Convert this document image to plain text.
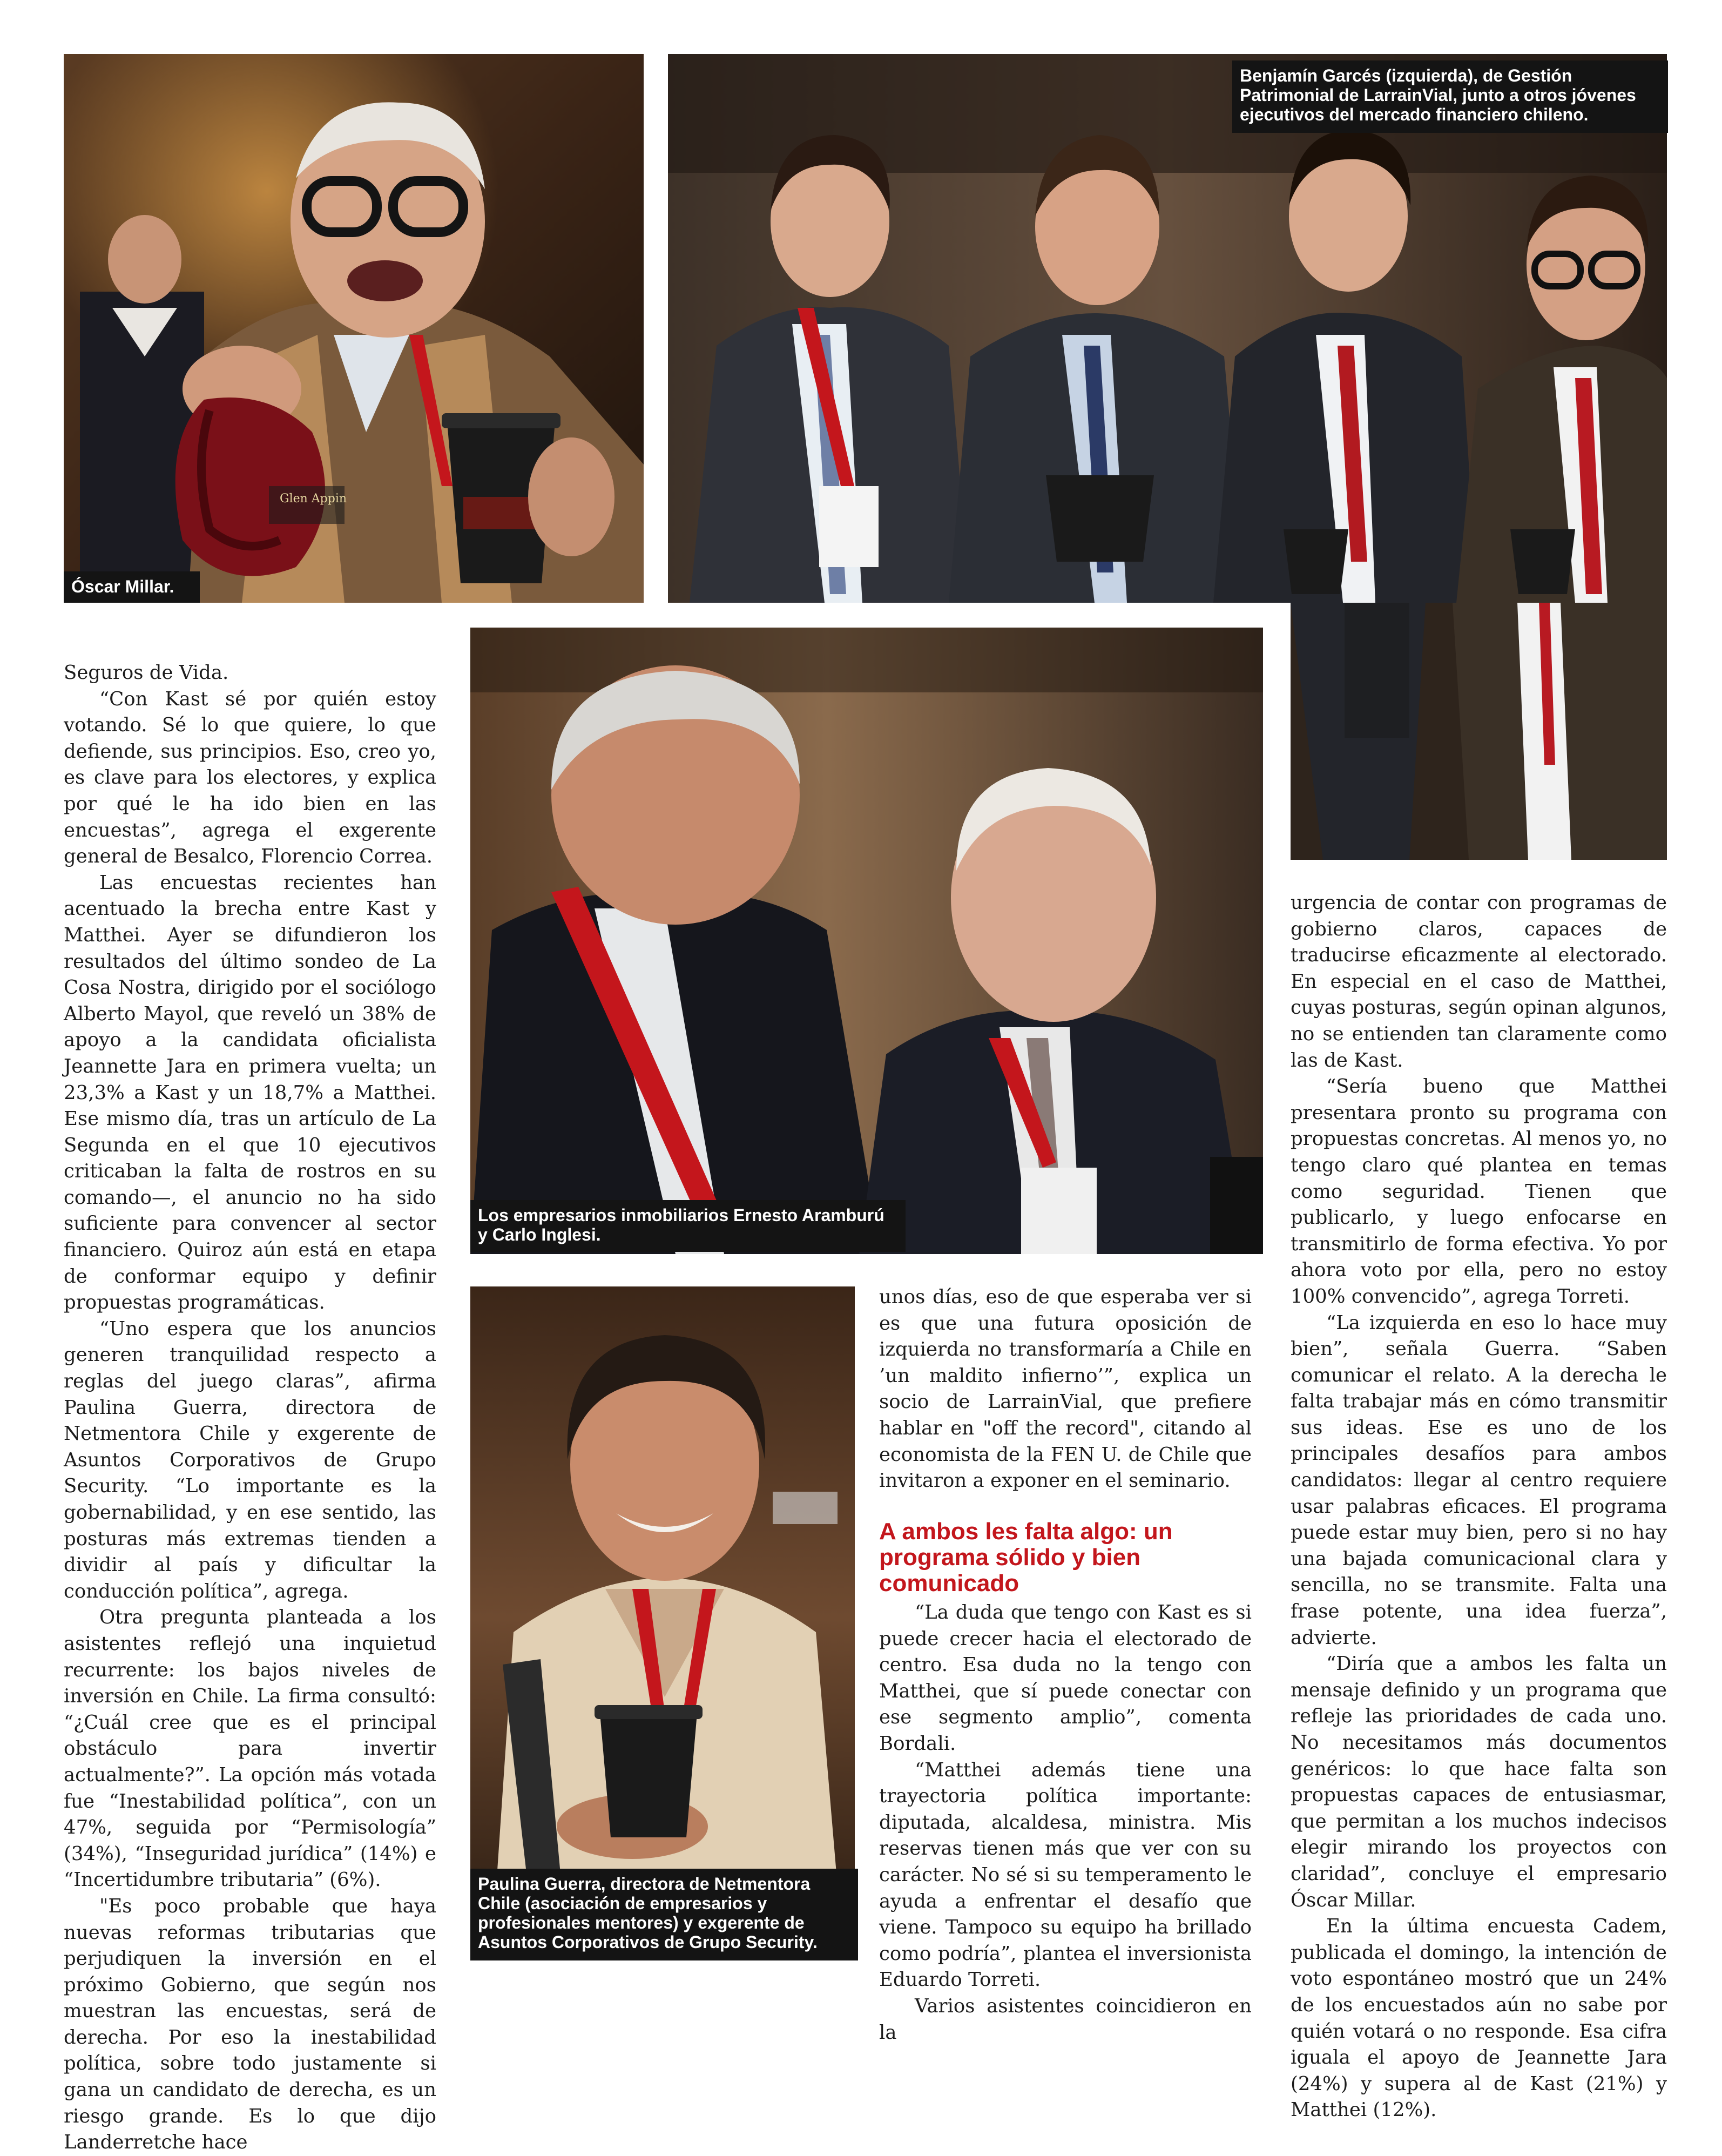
Glen Appin
Óscar Millar.
Benjamín Garcés (izquierda), de Gestión Patrimonial de LarrainVial, junto a otros jóvenes ejecutivos del mercado financiero chileno.
Los empresarios inmobiliarios Ernesto Aramburú y Carlo Inglesi.
Paulina Guerra, directora de Netmentora Chile (asociación de empresarios y profesionales mentores) y exgerente de Asuntos Corporativos de Grupo Security.

Seguros de Vida.

“Con Kast sé por quién estoy votando. Sé lo que quiere, lo que defiende, sus principios. Eso, creo yo, es clave para los electores, y explica por qué le ha ido bien en las encuestas”, agrega el exgerente general de Besalco, Florencio Correa.

Las encuestas recientes han acentuado la brecha entre Kast y Matthei. Ayer se difundieron los resultados del último sondeo de La Cosa Nostra, dirigido por el sociólogo Alberto Mayol, que reveló un 38% de apoyo a la candidata oficialista Jeannette Jara en primera vuelta; un 23,3% a Kast y un 18,7% a Matthei. Ese mismo día, tras un artículo de La Segunda en el que 10 ejecutivos criticaban la falta de rostros en su comando—, el anuncio no ha sido suficiente para convencer al sector financiero. Quiroz aún está en etapa de conformar equipo y definir propuestas programáticas.

“Uno espera que los anuncios generen tranquilidad respecto a reglas del juego claras”, afirma Paulina Guerra, directora de Netmentora Chile y exgerente de Asuntos Corporativos de Grupo Security. “Lo importante es la gobernabilidad, y en ese sentido, las posturas más extremas tienden a dividir al país y dificultar la conducción política”, agrega.

Otra pregunta planteada a los asistentes reflejó una inquietud recurrente: los bajos niveles de inversión en Chile. La firma consultó: “¿Cuál cree que es el principal obstáculo para invertir actualmente?”. La opción más votada fue “Inestabilidad política”, con un 47%, seguida por “Permisología” (34%), “Inseguridad jurídica” (14%) e “Incertidumbre tributaria” (6%).

"Es poco probable que haya nuevas reformas tributarias que perjudiquen la inversión en el próximo Gobierno, que según nos muestran las encuestas, será de derecha. Por eso la inestabilidad política, sobre todo justamente si gana un candidato de derecha, es un riesgo grande. Es lo que dijo Landerretche hace

unos días, eso de que esperaba ver si es que una futura oposición de izquierda no transformaría a Chile en ’un maldito infierno’”, explica un socio de LarrainVial, que prefiere hablar en "off the record", citando al economista de la FEN U. de Chile que invitaron a exponer en el seminario.

A ambos les falta algo: un programa sólido y bien comunicado

“La duda que tengo con Kast es si puede crecer hacia el electorado de centro. Esa duda no la tengo con Matthei, que sí puede conectar con ese segmento amplio”, comenta Bordali.

“Matthei además tiene una trayectoria política importante: diputada, alcaldesa, ministra. Mis reservas tienen más que ver con su carácter. No sé si su temperamento le ayuda a enfrentar el desafío que viene. Tampoco su equipo ha brillado como podría”, plantea el inversionista Eduardo Torreti.

Varios asistentes coincidieron en la

urgencia de contar con programas de gobierno claros, capaces de traducirse eficazmente al electorado. En especial en el caso de Matthei, cuyas posturas, según opinan algunos, no se entienden tan claramente como las de Kast.

“Sería bueno que Matthei presentara pronto su programa con propuestas concretas. Al menos yo, no tengo claro qué plantea en temas como seguridad. Tienen que publicarlo, y luego enfocarse en transmitirlo de forma efectiva. Yo por ahora voto por ella, pero no estoy 100% convencido”, agrega Torreti.

“La izquierda en eso lo hace muy bien”, señala Guerra. “Saben comunicar el relato. A la derecha le falta trabajar más en cómo transmitir sus ideas. Ese es uno de los principales desafíos para ambos candidatos: llegar al centro requiere usar palabras eficaces. El programa puede estar muy bien, pero si no hay una bajada comunicacional clara y sencilla, no se transmite. Falta una frase potente, una idea fuerza”, advierte.

“Diría que a ambos les falta un mensaje definido y un programa que refleje las prioridades de cada uno. No necesitamos más documentos genéricos: lo que hace falta son propuestas capaces de entusiasmar, que permitan a los muchos indecisos elegir mirando los proyectos con claridad”, concluye el empresario Óscar Millar.

En la última encuesta Cadem, publicada el domingo, la intención de voto espontáneo mostró que un 24% de los encuestados aún no sabe por quién votará o no responde. Esa cifra iguala el apoyo de Jeannette Jara (24%) y supera al de Kast (21%) y Matthei (12%).
